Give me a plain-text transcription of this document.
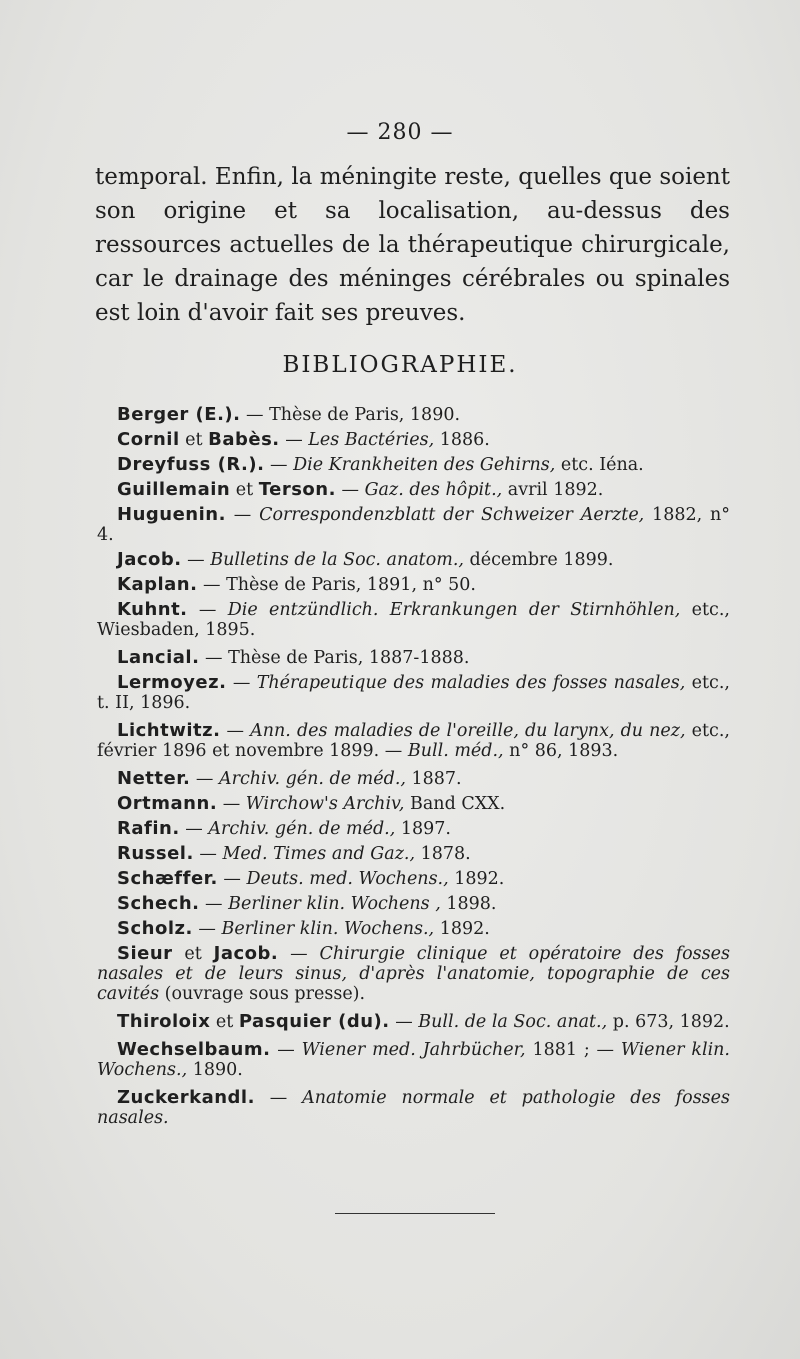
— 280 —

temporal. Enfin, la méningite reste, quelles que soient son origine et sa localisation, au-dessus des ressources actuelles de la thérapeutique chirurgicale, car le drainage des méninges cérébrales ou spinales est loin d'avoir fait ses preuves.

BIBLIOGRAPHIE.

Berger (E.). — Thèse de Paris, 1890.

Cornil et Babès. — Les Bactéries, 1886.

Dreyfuss (R.). — Die Krankheiten des Gehirns, etc. Iéna.

Guillemain et Terson. — Gaz. des hôpit., avril 1892.

Huguenin. — Correspondenzblatt der Schweizer Aerzte, 1882, n° 4.

Jacob. — Bulletins de la Soc. anatom., décembre 1899.

Kaplan. — Thèse de Paris, 1891, n° 50.

Kuhnt. — Die entzündlich. Erkrankungen der Stirnhöhlen, etc., Wiesbaden, 1895.

Lancial. — Thèse de Paris, 1887-1888.

Lermoyez. — Thérapeutique des maladies des fosses nasales, etc., t. II, 1896.

Lichtwitz. — Ann. des maladies de l'oreille, du larynx, du nez, etc., février 1896 et novembre 1899. — Bull. méd., n° 86, 1893.

Netter. — Archiv. gén. de méd., 1887.

Ortmann. — Wirchow's Archiv, Band CXX.

Rafin. — Archiv. gén. de méd., 1897.

Russel. — Med. Times and Gaz., 1878.

Schæffer. — Deuts. med. Wochens., 1892.

Schech. — Berliner klin. Wochens , 1898.

Scholz. — Berliner klin. Wochens., 1892.

Sieur et Jacob. — Chirurgie clinique et opératoire des fosses nasales et de leurs sinus, d'après l'anatomie, topographie de ces cavités (ouvrage sous presse).

Thiroloix et Pasquier (du). — Bull. de la Soc. anat., p. 673, 1892.

Wechselbaum. — Wiener med. Jahrbücher, 1881 ; — Wiener klin. Wochens., 1890.

Zuckerkandl. — Anatomie normale et pathologie des fosses nasales.
